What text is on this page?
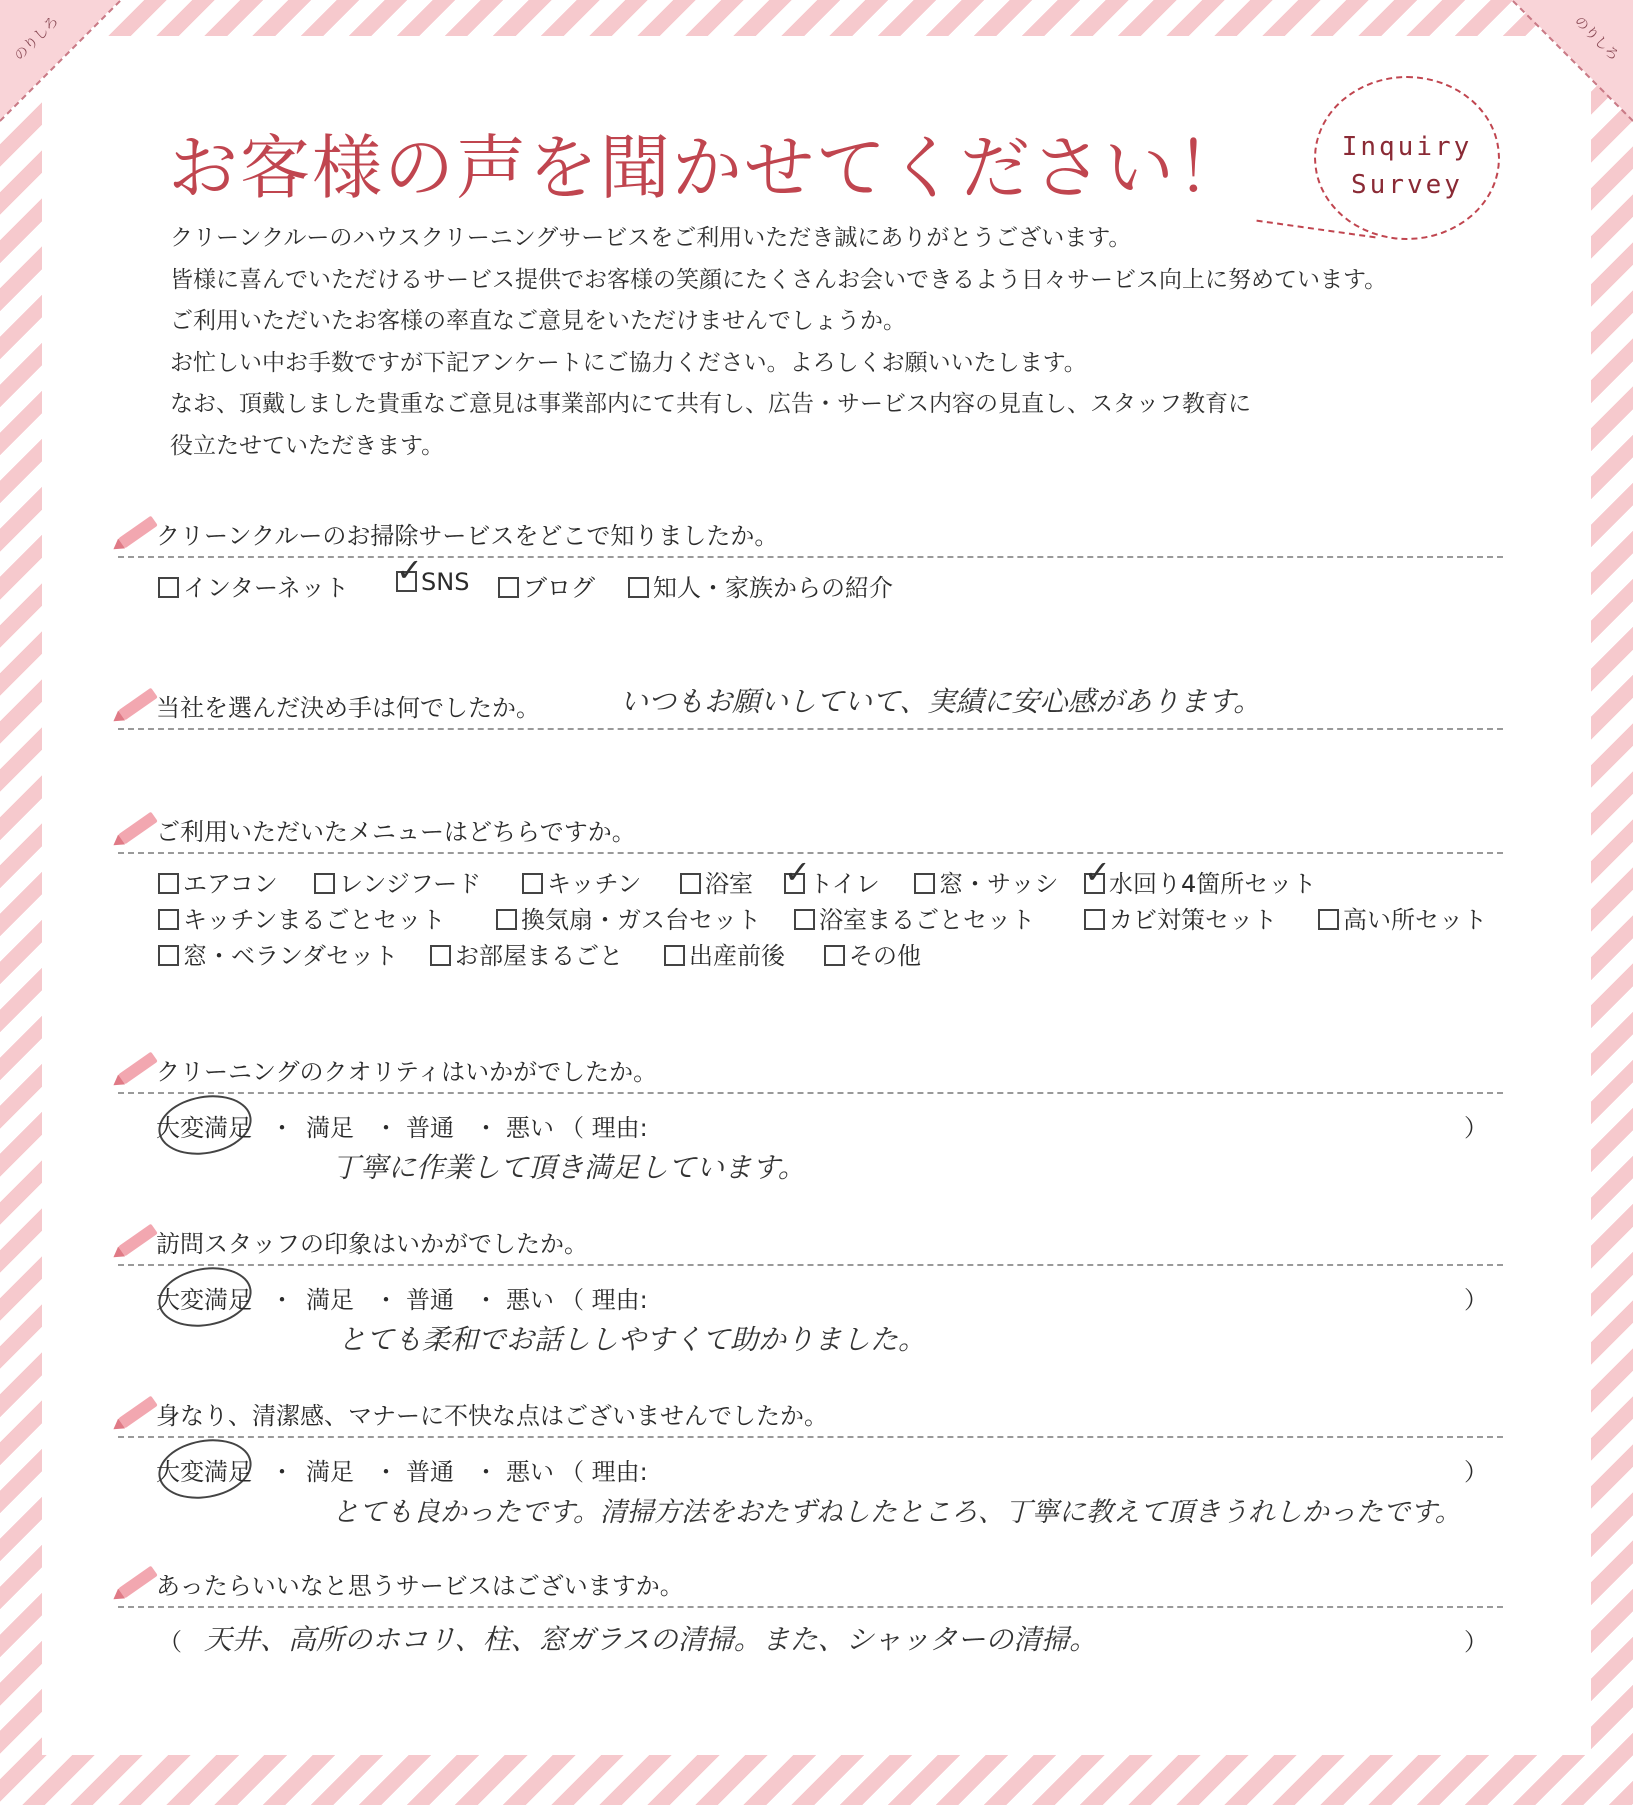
のりしろ	のりしろ
お客様の声を聞かせてください！	Inquiry
Survey
クリーンクルーのハウスクリーニングサービスをご利用いただき誠にありがとうございます。
皆様に喜んでいただけるサービス提供でお客様の笑顔にたくさんお会いできるよう日々サービス向上に努めています。
ご利用いただいたお客様の率直なご意見をいただけませんでしょうか。
お忙しい中お手数ですが下記アンケートにご協力ください。よろしくお願いいたします。
なお、頂戴しました貴重なご意見は事業部内にて共有し、広告・サービス内容の見直し、スタッフ教育に
役立たせていただきます。
クリーンクルーのお掃除サービスをどこで知りましたか。
インターネット ✓	SNS	ブログ	知人・家族からの紹介
当社を選んだ決め手は何でしたか。	いつもお願いしていて、実績に安心感があります。
ご利用いただいたメニューはどちらですか。
エアコン	レンジフード	キッチン	浴室 ✓	トイレ	窓・サッシ ✓	水回り4箇所セット
キッチンまるごとセット	換気扇・ガス台セット	浴室まるごとセット	カビ対策セット	高い所セット
窓・ベランダセット	お部屋まるごと	出産前後	その他
クリーニングのクオリティはいかがでしたか。
大変満足 ・ 満足 ・ 普通 ・ 悪い （ 理由:	）
丁寧に作業して頂き満足しています。
訪問スタッフの印象はいかがでしたか。
大変満足 ・ 満足 ・ 普通 ・ 悪い （ 理由:	）
とても柔和でお話ししやすくて助かりました。
身なり、清潔感、マナーに不快な点はございませんでしたか。
大変満足 ・ 満足 ・ 普通 ・ 悪い （ 理由:	）
とても良かったです。清掃方法をおたずねしたところ、丁寧に教えて頂きうれしかったです。
あったらいいなと思うサービスはございますか。
（ 天井、高所のホコリ、柱、窓ガラスの清掃。また、シャッターの清掃。	）
